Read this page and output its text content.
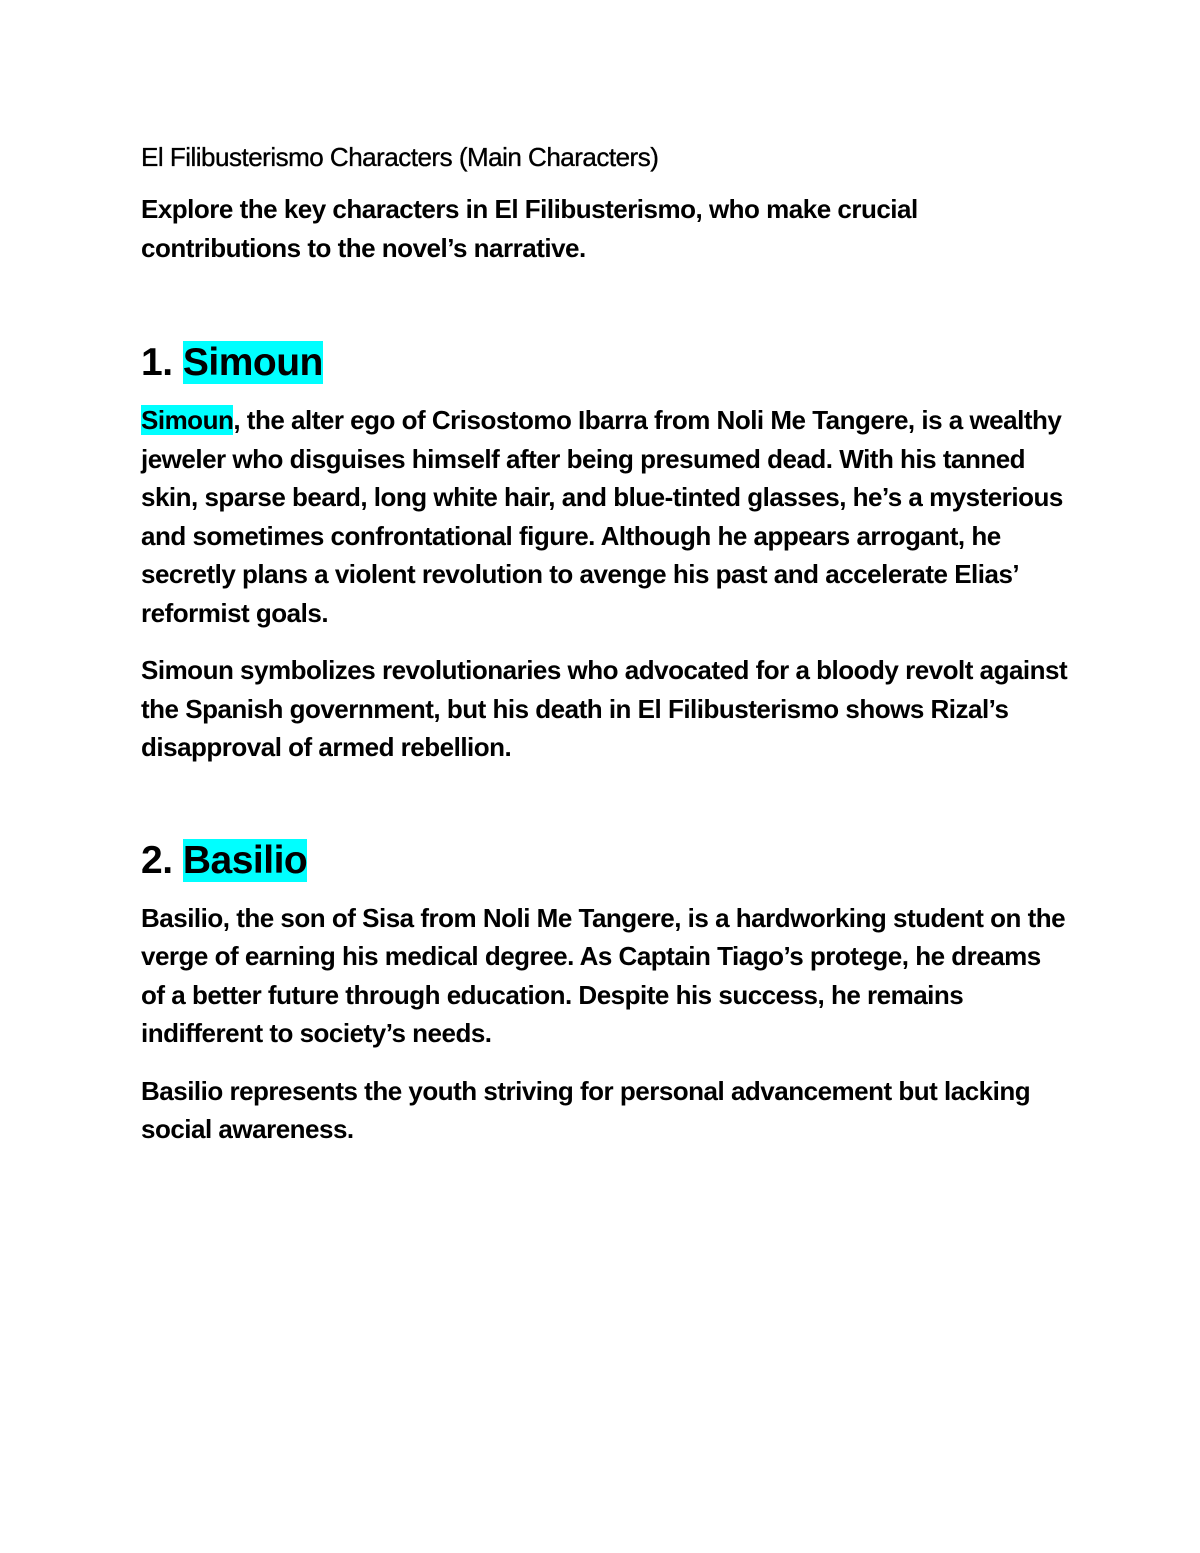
El Filibusterismo Characters (Main Characters)

Explore the key characters in El Filibusterismo, who make crucial contributions to the novel’s narrative.

1. Simoun

Simoun, the alter ego of Crisostomo Ibarra from Noli Me Tangere, is a wealthy jeweler who disguises himself after being presumed dead. With his tanned skin, sparse beard, long white hair, and blue-tinted glasses, he’s a mysterious and sometimes confrontational figure. Although he appears arrogant, he secretly plans a violent revolution to avenge his past and accelerate Elias’ reformist goals.

Simoun symbolizes revolutionaries who advocated for a bloody revolt against the Spanish government, but his death in El Filibusterismo shows Rizal’s disapproval of armed rebellion.

2. Basilio

Basilio, the son of Sisa from Noli Me Tangere, is a hardworking student on the verge of earning his medical degree. As Captain Tiago’s protege, he dreams of a better future through education. Despite his success, he remains indifferent to society’s needs.

Basilio represents the youth striving for personal advancement but lacking social awareness.
